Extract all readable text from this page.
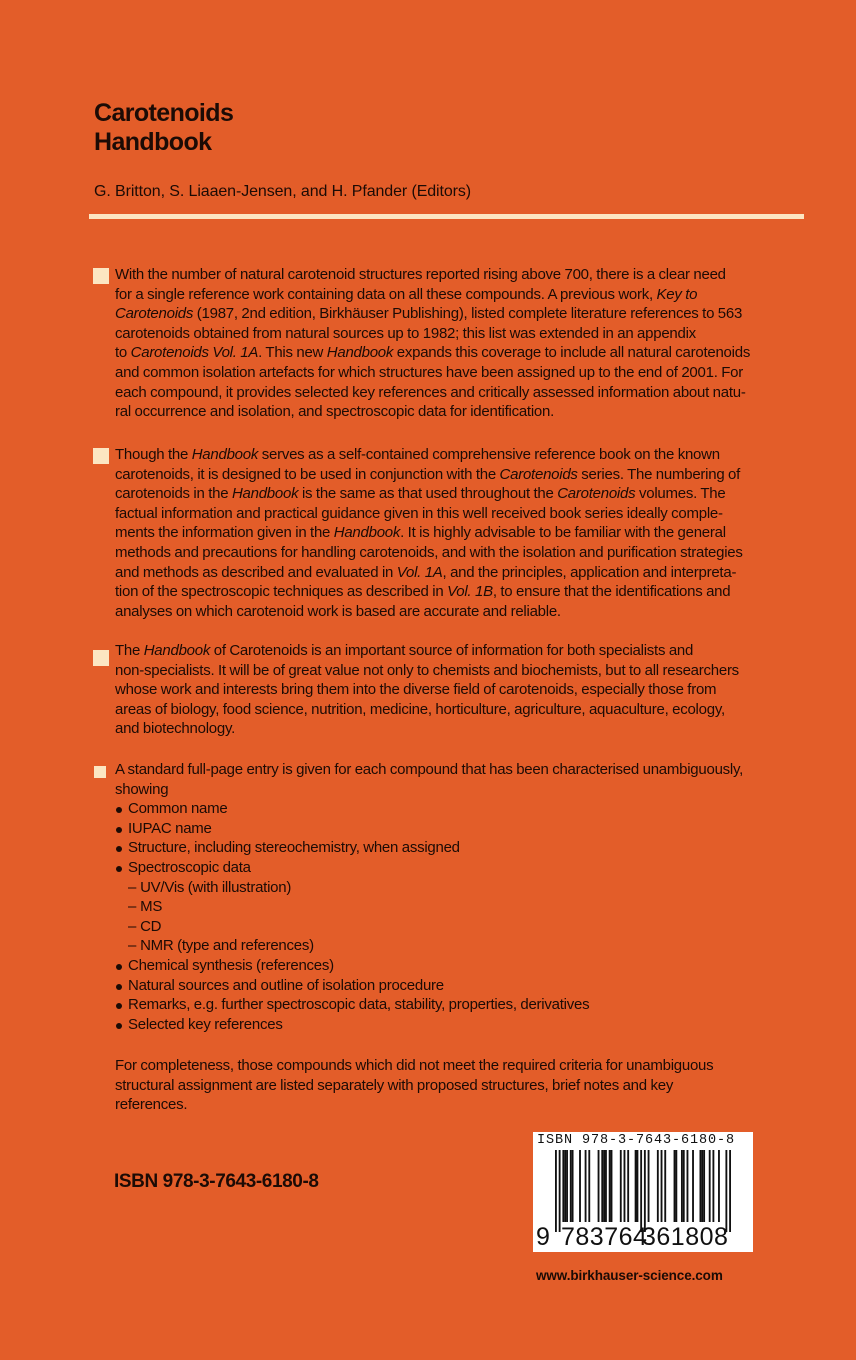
Carotenoids
Handbook
G. Britton, S. Liaaen-Jensen, and H. Pfander (Editors)
With the number of natural carotenoid structures reported rising above 700, there is a clear need
for a single reference work containing data on all these compounds. A previous work, Key to
Carotenoids (1987, 2nd edition, Birkhäuser Publishing), listed complete literature references to 563
carotenoids obtained from natural sources up to 1982; this list was extended in an appendix
to Carotenoids Vol. 1A. This new Handbook expands this coverage to include all natural carotenoids
and common isolation artefacts for which structures have been assigned up to the end of 2001. For
each compound, it provides selected key references and critically assessed information about natu-
ral occurrence and isolation, and spectroscopic data for identification.
Though the Handbook serves as a self-contained comprehensive reference book on the known
carotenoids, it is designed to be used in conjunction with the Carotenoids series. The numbering of
carotenoids in the Handbook is the same as that used throughout the Carotenoids volumes. The
factual information and practical guidance given in this well received book series ideally comple-
ments the information given in the Handbook. It is highly advisable to be familiar with the general
methods and precautions for handling carotenoids, and with the isolation and purification strategies
and methods as described and evaluated in Vol. 1A, and the principles, application and interpreta-
tion of the spectroscopic techniques as described in Vol. 1B, to ensure that the identifications and
analyses on which carotenoid work is based are accurate and reliable.
The Handbook of Carotenoids is an important source of information for both specialists and
non-specialists. It will be of great value not only to chemists and biochemists, but to all researchers
whose work and interests bring them into the diverse field of carotenoids, especially those from
areas of biology, food science, nutrition, medicine, horticulture, agriculture, aquaculture, ecology,
and biotechnology.
A standard full-page entry is given for each compound that has been characterised unambiguously,
showing
Common name
IUPAC name
Structure, including stereochemistry, when assigned
Spectroscopic data
– UV/Vis (with illustration)
– MS
– CD
– NMR (type and references)
Chemical synthesis (references)
Natural sources and outline of isolation procedure
Remarks, e.g. further spectroscopic data, stability, properties, derivatives
Selected key references
For completeness, those compounds which did not meet the required criteria for unambiguous
structural assignment are listed separately with proposed structures, brief notes and key
references.
ISBN 978-3-7643-6180-8
ISBN 978-3-7643-6180-8
9 783764
361808
www.birkhauser-science.com
